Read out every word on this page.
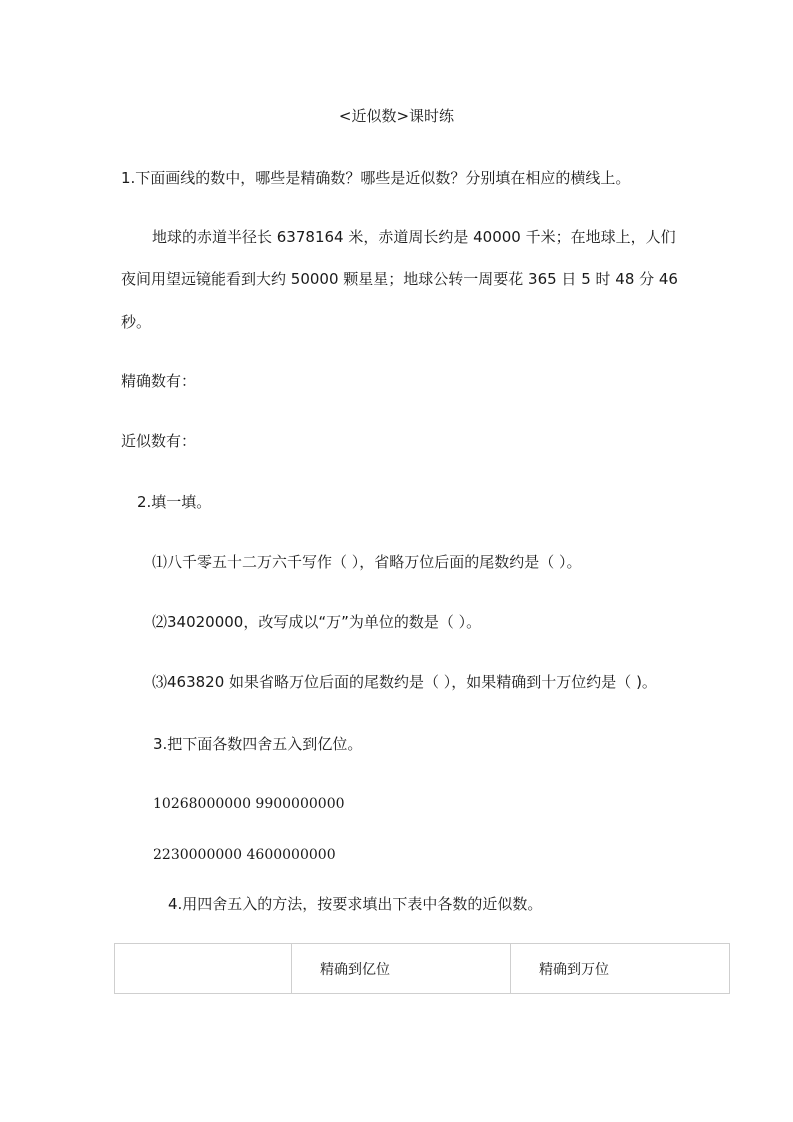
<近似数>课时练
1.下面画线的数中，哪些是精确数？哪些是近似数？分别填在相应的横线上。
地球的赤道半径长 6378164 米，赤道周长约是 40000 千米；在地球上，人们
夜间用望远镜能看到大约 50000 颗星星；地球公转一周要花 365 日 5 时 48 分 46
秒。
精确数有：
近似数有：
2.填一填。
⑴八千零五十二万六千写作（ ），省略万位后面的尾数约是（ ）。
⑵34020000，改写成以“万”为单位的数是（ ）。
⑶463820 如果省略万位后面的尾数约是（ ），如果精确到十万位约是（ )。
3.把下面各数四舍五入到亿位。
10268000000 9900000000
2230000000 4600000000
4.用四舍五入的方法，按要求填出下表中各数的近似数。
	精确到亿位	精确到万位
